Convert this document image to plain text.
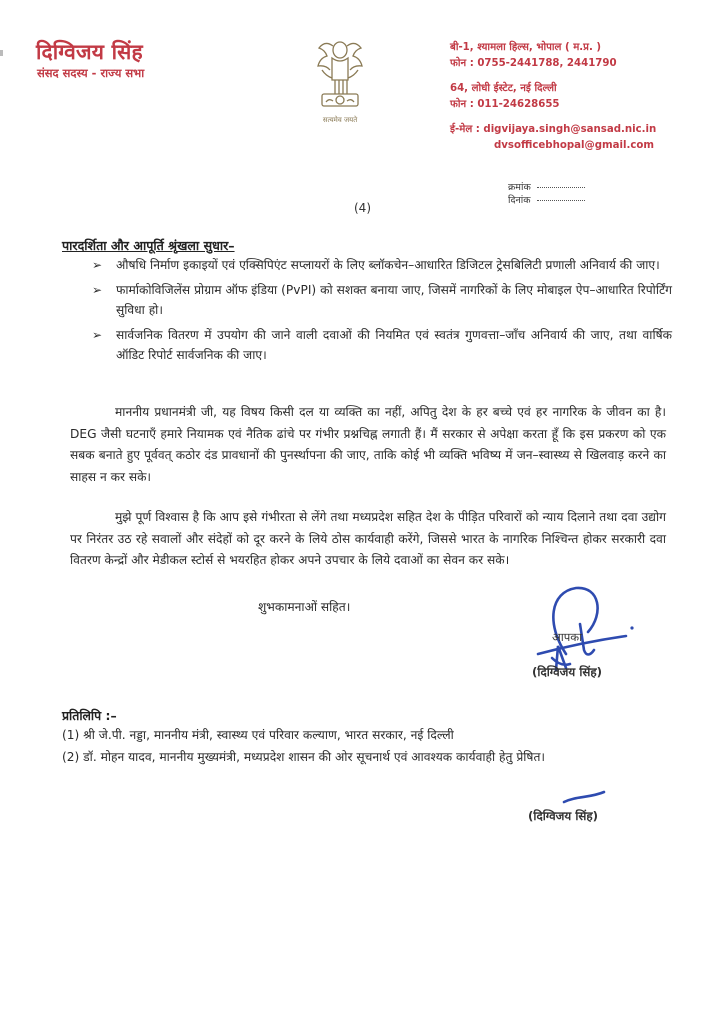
दिग्विजय सिंह
संसद सदस्य - राज्य सभा
सत्यमेव जयते
बी-1, श्यामला हिल्स, भोपाल ( म.प्र. )
फोन : 0755-2441788, 2441790
64, लोधी ईस्टेट, नई दिल्ली
फोन : 011-24628655
ई-मेल : digvijaya.singh@sansad.nic.in
dvsofficebhopal@gmail.com
क्रमांक
दिनांक
(4)
पारदर्शिता और आपूर्ति श्रृंखला सुधार–
➢ औषधि निर्माण इकाइयों एवं एक्सिपिएंट सप्लायरों के लिए ब्लॉकचेन–आधारित डिजिटल ट्रेसबिलिटी प्रणाली अनिवार्य की जाए।
➢ फार्माकोविजिलेंस प्रोग्राम ऑफ इंडिया (PvPI) को सशक्त बनाया जाए, जिसमें नागरिकों के लिए मोबाइल ऐप–आधारित रिपोर्टिंग सुविधा हो।
➢ सार्वजनिक वितरण में उपयोग की जाने वाली दवाओं की नियमित एवं स्वतंत्र गुणवत्ता–जॉंच अनिवार्य की जाए, तथा वार्षिक ऑडिट रिपोर्ट सार्वजनिक की जाए।
माननीय प्रधानमंत्री जी, यह विषय किसी दल या व्यक्ति का नहीं, अपितु देश के हर बच्चे एवं हर नागरिक के जीवन का है। DEG जैसी घटनाएँ हमारे नियामक एवं नैतिक ढांचे पर गंभीर प्रश्नचिह्न लगाती हैं। मैं सरकार से अपेक्षा करता हूँ कि इस प्रकरण को एक सबक बनाते हुए पूर्ववत् कठोर दंड प्रावधानों की पुनर्स्थापना की जाए, ताकि कोई भी व्यक्ति भविष्य में जन–स्वास्थ्य से खिलवाड़ करने का साहस न कर सके।
मुझे पूर्ण विश्वास है कि आप इसे गंभीरता से लेंगे तथा मध्यप्रदेश सहित देश के पीड़ित परिवारों को न्याय दिलाने तथा दवा उद्योग पर निरंतर उठ रहे सवालों और संदेहों को दूर करने के लिये ठोस कार्यवाही करेंगे, जिससे भारत के नागरिक निश्चिन्त होकर सरकारी दवा वितरण केन्द्रों और मेडीकल स्टोर्स से भयरहित होकर अपने उपचार के लिये दवाओं का सेवन कर सके।
शुभकामनाओं सहित।
आपका
(दिग्विजय सिंह)
प्रतिलिपि :–
(1) श्री जे.पी. नड्डा, माननीय मंत्री, स्वास्थ्य एवं परिवार कल्याण, भारत सरकार, नई दिल्ली
(2) डॉ. मोहन यादव, माननीय मुख्यमंत्री, मध्यप्रदेश शासन की ओर सूचनार्थ एवं आवश्यक कार्यवाही हेतु प्रेषित।
(दिग्विजय सिंह)
